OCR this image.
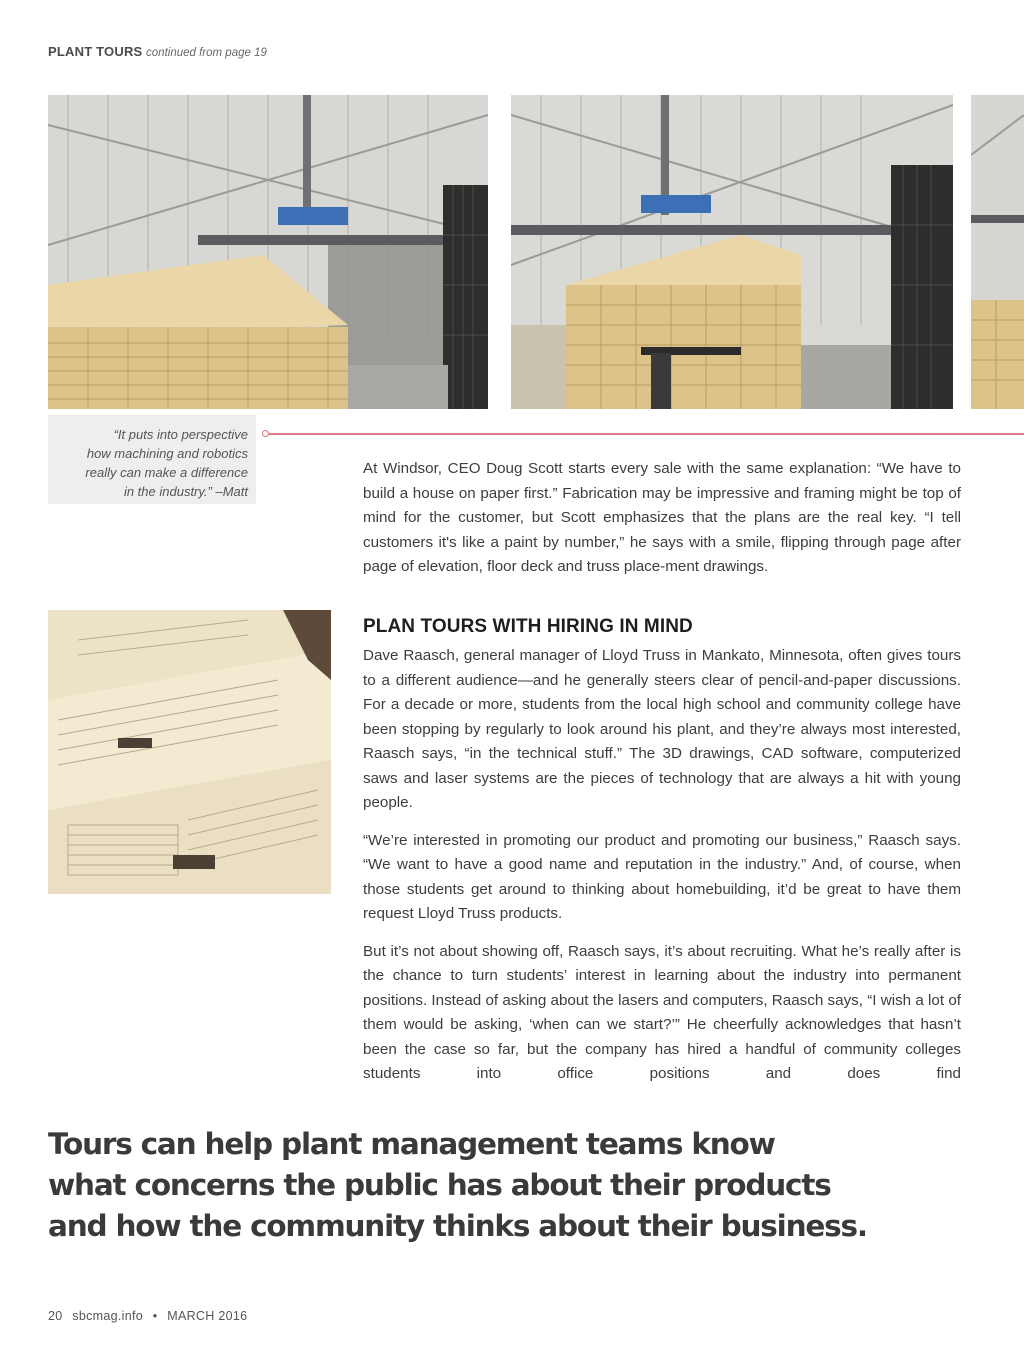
PLANT TOURS continued from page 19
“It puts into perspective
how machining and robotics
really can make a difference
in the industry.” –Matt

At Windsor, CEO Doug Scott starts every sale with the same explanation: “We have to build a house on paper first.” Fabrication may be impressive and framing might be top of mind for the customer, but Scott emphasizes that the plans are the real key. “I tell customers it's like a paint by number,” he says with a smile, flipping through page after page of elevation, floor deck and truss place-ment drawings.

PLAN TOURS WITH HIRING IN MIND

Dave Raasch, general manager of Lloyd Truss in Mankato, Minnesota, often gives tours to a different audience—and he generally steers clear of pencil-and-paper discussions. For a decade or more, students from the local high school and community college have been stopping by regularly to look around his plant, and they’re always most interested, Raasch says, “in the technical stuff.” The 3D drawings, CAD software, computerized saws and laser systems are the pieces of technology that are always a hit with young people.

“We’re interested in promoting our product and promoting our business,” Raasch says. “We want to have a good name and reputation in the industry.” And, of course, when those students get around to thinking about homebuilding, it’d be great to have them request Lloyd Truss products.

But it’s not about showing off, Raasch says, it’s about recruiting. What he’s really after is the chance to turn students’ interest in learning about the industry into permanent positions. Instead of asking about the lasers and computers, Raasch says, “I wish a lot of them would be asking, ‘when can we start?’” He cheerfully acknowledges that hasn’t been the case so far, but the company has hired a handful of community colleges students into office positions and does find

Tours can help plant management teams know
what concerns the public has about their products
and how the community thinks about their business.
20 sbcmag.info • MARCH 2016
